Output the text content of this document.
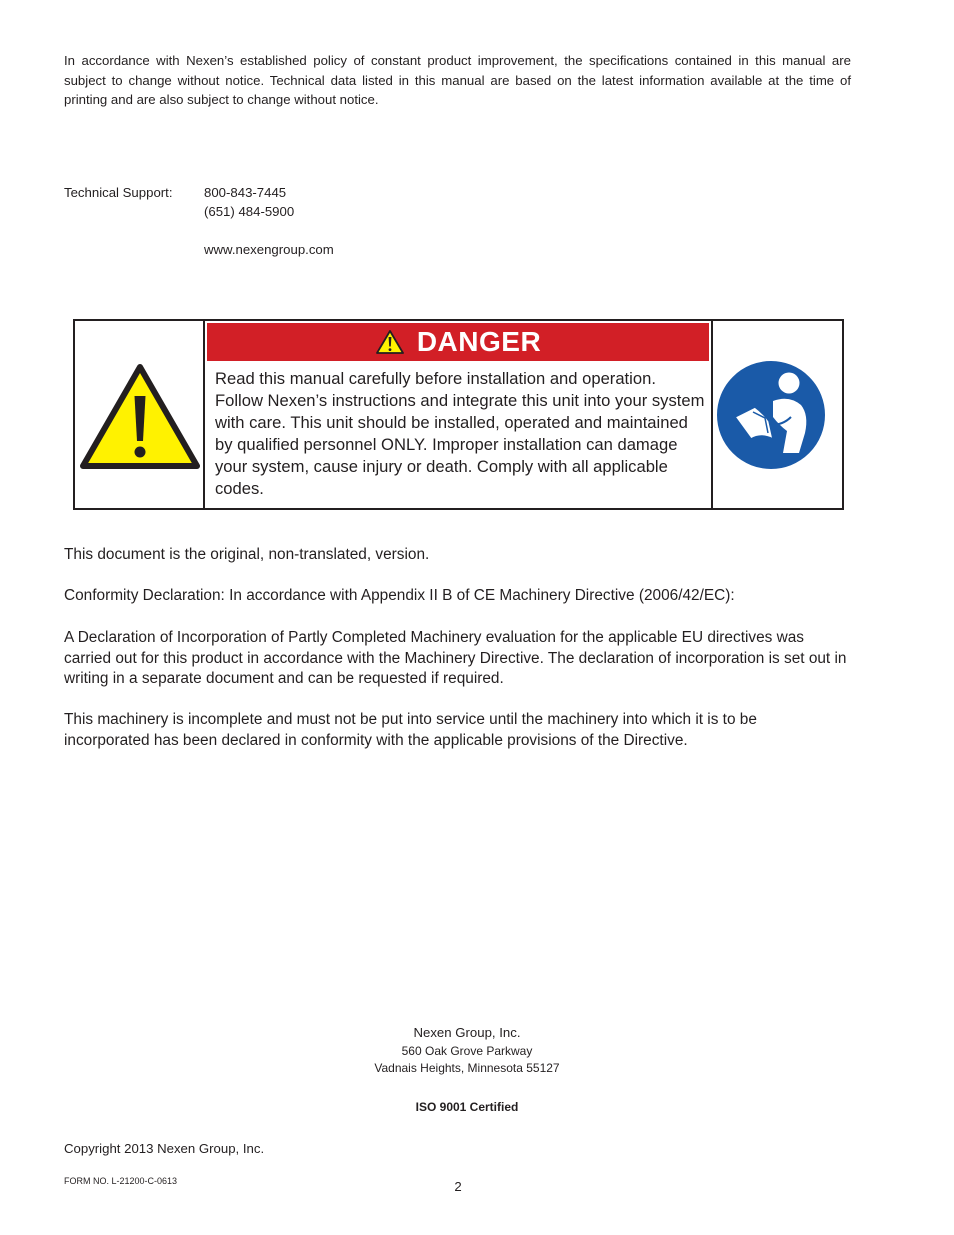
In accordance with Nexen’s established policy of constant product improvement, the specifications contained in this manual are subject to change without notice. Technical data listed in this manual are based on the latest information available at the time of printing and are also subject to change without notice.

Technical Support: 800-843-7445
(651) 484-5900
www.nexengroup.com
DANGER

Read this manual carefully before installation and operation. Follow Nexen’s instructions and integrate this unit into your system with care. This unit should be installed, operated and maintained by qualified personnel ONLY. Improper installation can damage your system, cause injury or death. Comply with all applicable codes.

This document is the original, non-translated, version.

Conformity Declaration: In accordance with Appendix II B of CE Machinery Directive (2006/42/EC):

A Declaration of Incorporation of Partly Completed Machinery evaluation for the applicable EU directives was carried out for this product in accordance with the Machinery Directive. The declaration of incorporation is set out in writing in a separate document and can be requested if required.

This machinery is incomplete and must not be put into service until the machinery into which it is to be incorporated has been declared in conformity with the applicable provisions of the Directive.

Nexen Group, Inc.
560 Oak Grove Parkway
Vadnais Heights, Minnesota 55127
ISO 9001 Certified
Copyright 2013 Nexen Group, Inc.
FORM NO. L-21200-C-0613	2
